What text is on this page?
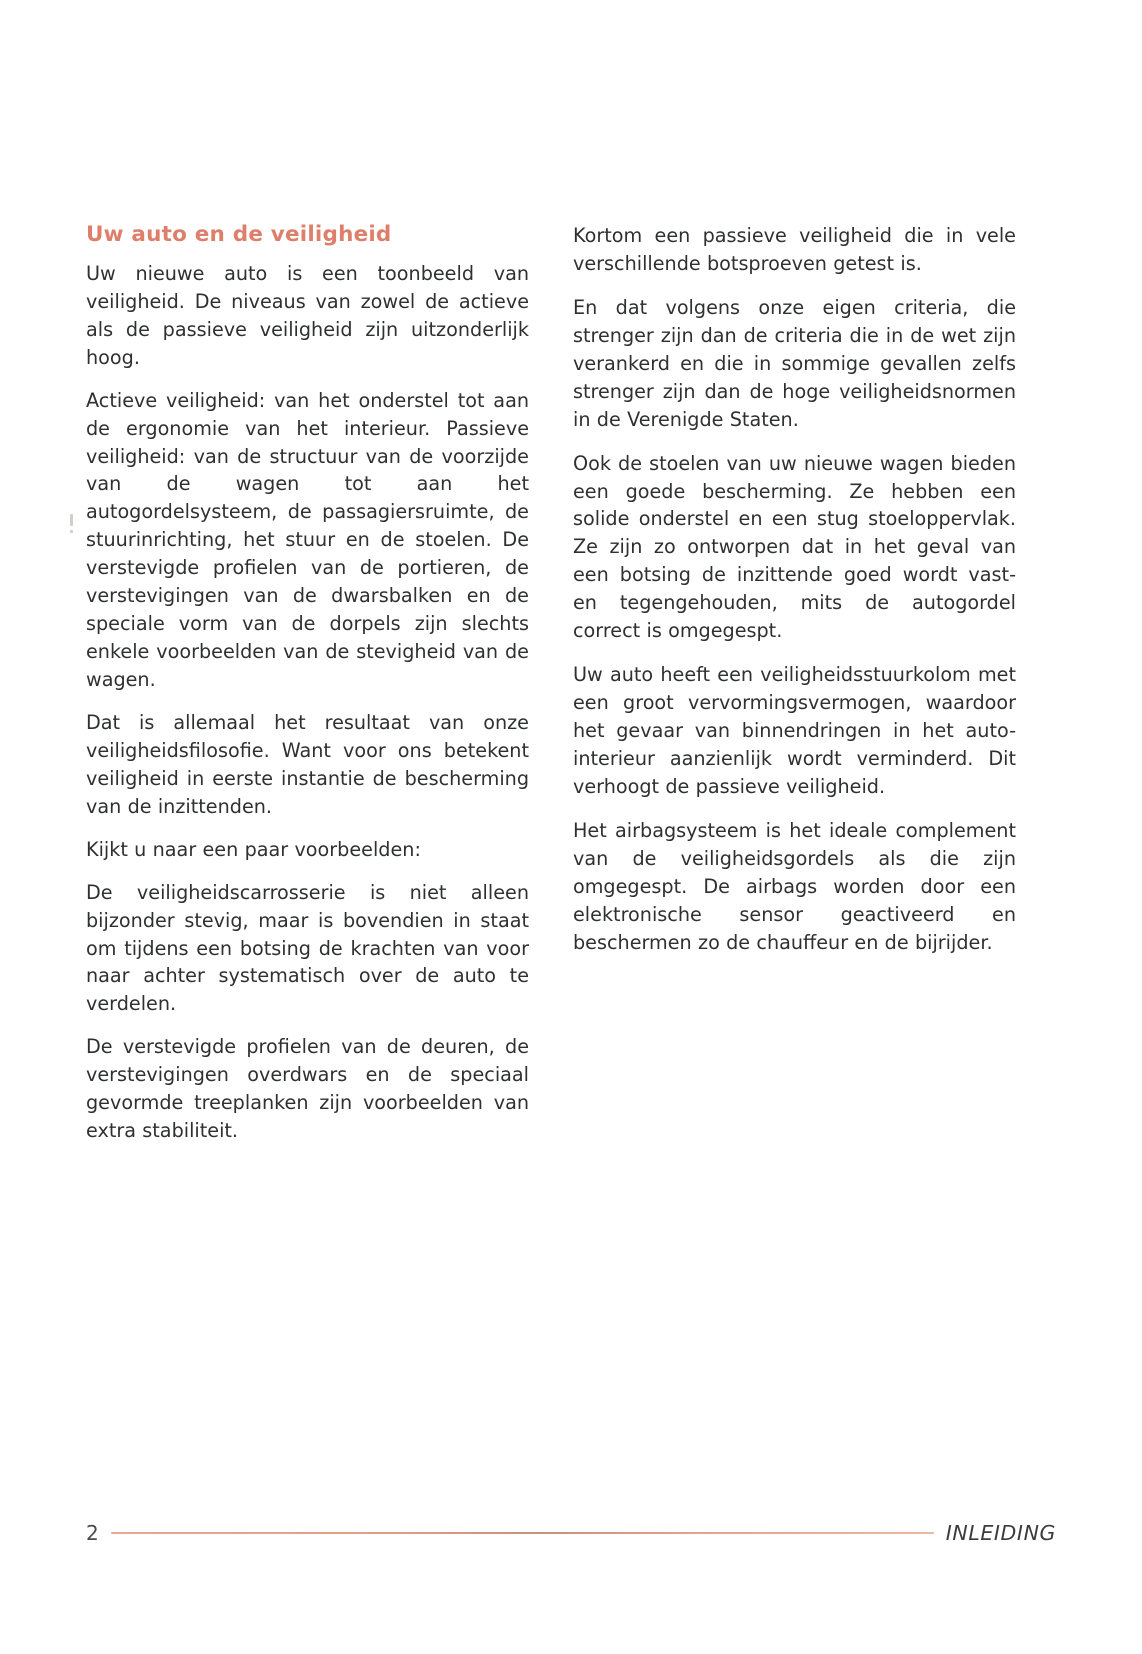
Uw auto en de veiligheid

Uw nieuwe auto is een toonbeeld van veiligheid. De niveaus van zowel de actieve als de passieve veiligheid zijn uitzonderlijk hoog.

Actieve veiligheid: van het onderstel tot aan de ergonomie van het interieur. Passieve veiligheid: van de structuur van de voorzijde van de wagen tot aan het autogordelsysteem, de passagiersruimte, de stuurinrichting, het stuur en de stoelen. De verstevigde profielen van de portieren, de verstevigingen van de dwarsbalken en de speciale vorm van de dorpels zijn slechts enkele voorbeelden van de stevigheid van de wagen.

Dat is allemaal het resultaat van onze veiligheidsfilosofie. Want voor ons betekent veiligheid in eerste instantie de bescherming van de inzittenden.

Kijkt u naar een paar voorbeelden:

De veiligheidscarrosserie is niet alleen bijzonder stevig, maar is bovendien in staat om tijdens een botsing de krachten van voor naar achter systematisch over de auto te verdelen.

De verstevigde profielen van de deuren, de verstevigingen overdwars en de speciaal gevormde treeplanken zijn voorbeelden van extra stabiliteit.

Kortom een passieve veiligheid die in vele verschillende botsproeven getest is.

En dat volgens onze eigen criteria, die strenger zijn dan de criteria die in de wet zijn verankerd en die in sommige gevallen zelfs strenger zijn dan de hoge veiligheidsnormen in de Verenigde Staten.

Ook de stoelen van uw nieuwe wagen bieden een goede bescherming. Ze hebben een solide onderstel en een stug stoeloppervlak. Ze zijn zo ontworpen dat in het geval van een botsing de inzittende goed wordt vast- en tegengehouden, mits de autogordel correct is omgegespt.

Uw auto heeft een veiligheidsstuurkolom met een groot vervormingsvermogen, waardoor het gevaar van binnendringen in het auto-interieur aanzienlijk wordt verminderd. Dit verhoogt de passieve veiligheid.

Het airbagsysteem is het ideale complement van de veiligheidsgordels als die zijn omgegespt. De airbags worden door een elektronische sensor geactiveerd en beschermen zo de chauffeur en de bijrijder.

2	INLEIDING
